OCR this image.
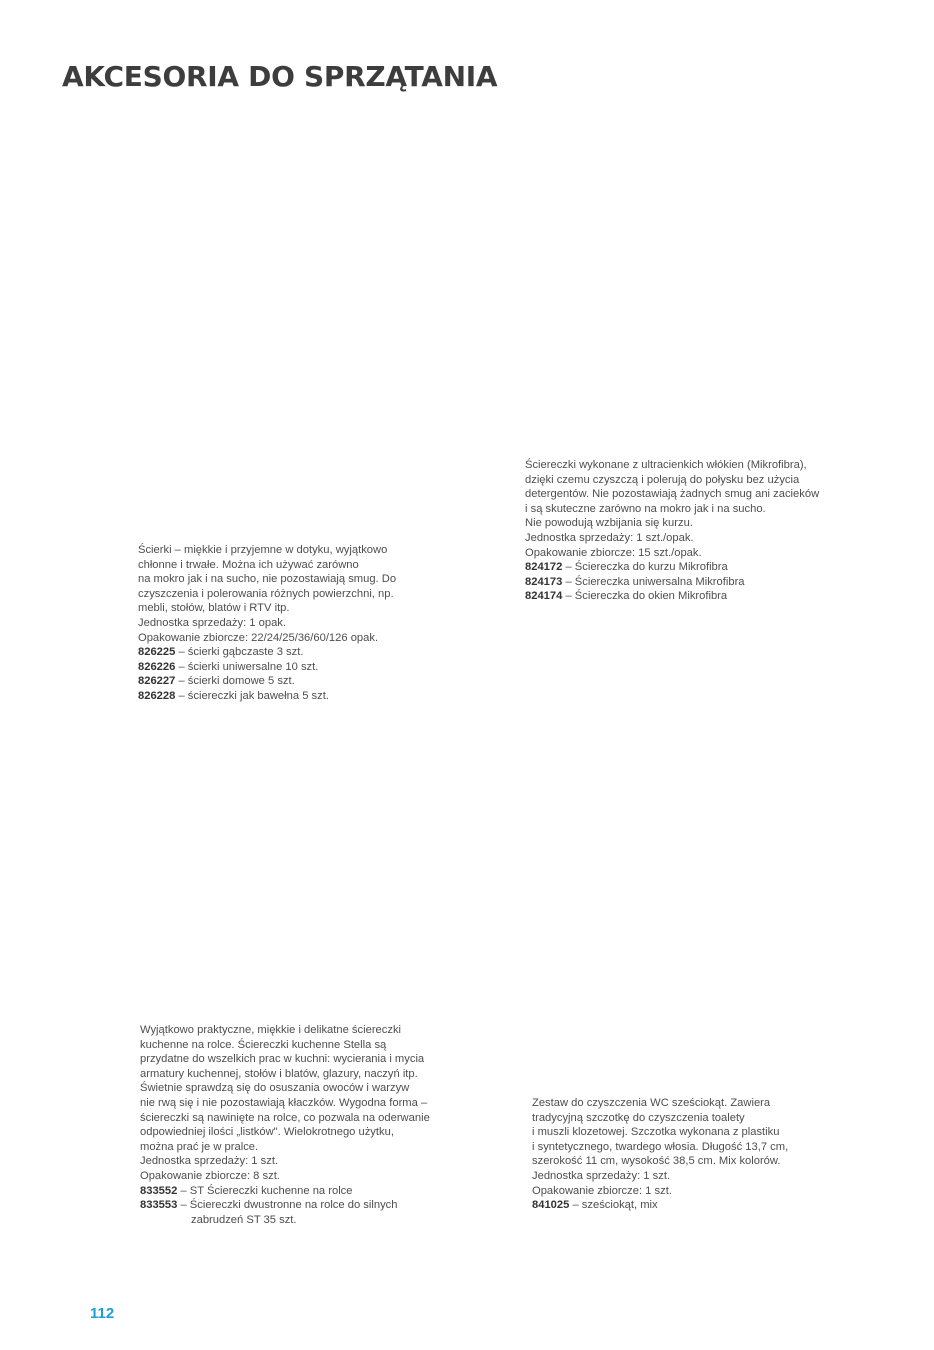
AKCESORIA DO SPRZĄTANIA
Ścierki – miękkie i przyjemne w dotyku, wyjątkowo
chłonne i trwałe. Można ich używać zarówno
na mokro jak i na sucho, nie pozostawiają smug. Do
czyszczenia i polerowania różnych powierzchni, np.
mebli, stołów, blatów i RTV itp.
Jednostka sprzedaży: 1 opak.
Opakowanie zbiorcze: 22/24/25/36/60/126 opak.
826225 – ścierki gąbczaste 3 szt.
826226 – ścierki uniwersalne 10 szt.
826227 – ścierki domowe 5 szt.
826228 – ściereczki jak bawełna 5 szt.
Ściereczki wykonane z ultracienkich włókien (Mikrofibra),
dzięki czemu czyszczą i polerują do połysku bez użycia
detergentów. Nie pozostawiają żadnych smug ani zacieków
i są skuteczne zarówno na mokro jak i na sucho.
Nie powodują wzbijania się kurzu.
Jednostka sprzedaży: 1 szt./opak.
Opakowanie zbiorcze: 15 szt./opak.
824172 – Ściereczka do kurzu Mikrofibra
824173 – Ściereczka uniwersalna Mikrofibra
824174 – Ściereczka do okien Mikrofibra
Wyjątkowo praktyczne, miękkie i delikatne ściereczki
kuchenne na rolce. Ściereczki kuchenne Stella są
przydatne do wszelkich prac w kuchni: wycierania i mycia
armatury kuchennej, stołów i blatów, glazury, naczyń itp.
Świetnie sprawdzą się do osuszania owoców i warzyw
nie rwą się i nie pozostawiają kłaczków. Wygodna forma –
ściereczki są nawinięte na rolce, co pozwala na oderwanie
odpowiedniej ilości „listków". Wielokrotnego użytku,
można prać je w pralce.
Jednostka sprzedaży: 1 szt.
Opakowanie zbiorcze: 8 szt.
833552 – ST Ściereczki kuchenne na rolce
833553 – Ściereczki dwustronne na rolce do silnych
zabrudzeń ST 35 szt.
Zestaw do czyszczenia WC sześciokąt. Zawiera
tradycyjną szczotkę do czyszczenia toalety
i muszli klozetowej. Szczotka wykonana z plastiku
i syntetycznego, twardego włosia. Długość 13,7 cm,
szerokość 11 cm, wysokość 38,5 cm. Mix kolorów.
Jednostka sprzedaży: 1 szt.
Opakowanie zbiorcze: 1 szt.
841025 – sześciokąt, mix
112
